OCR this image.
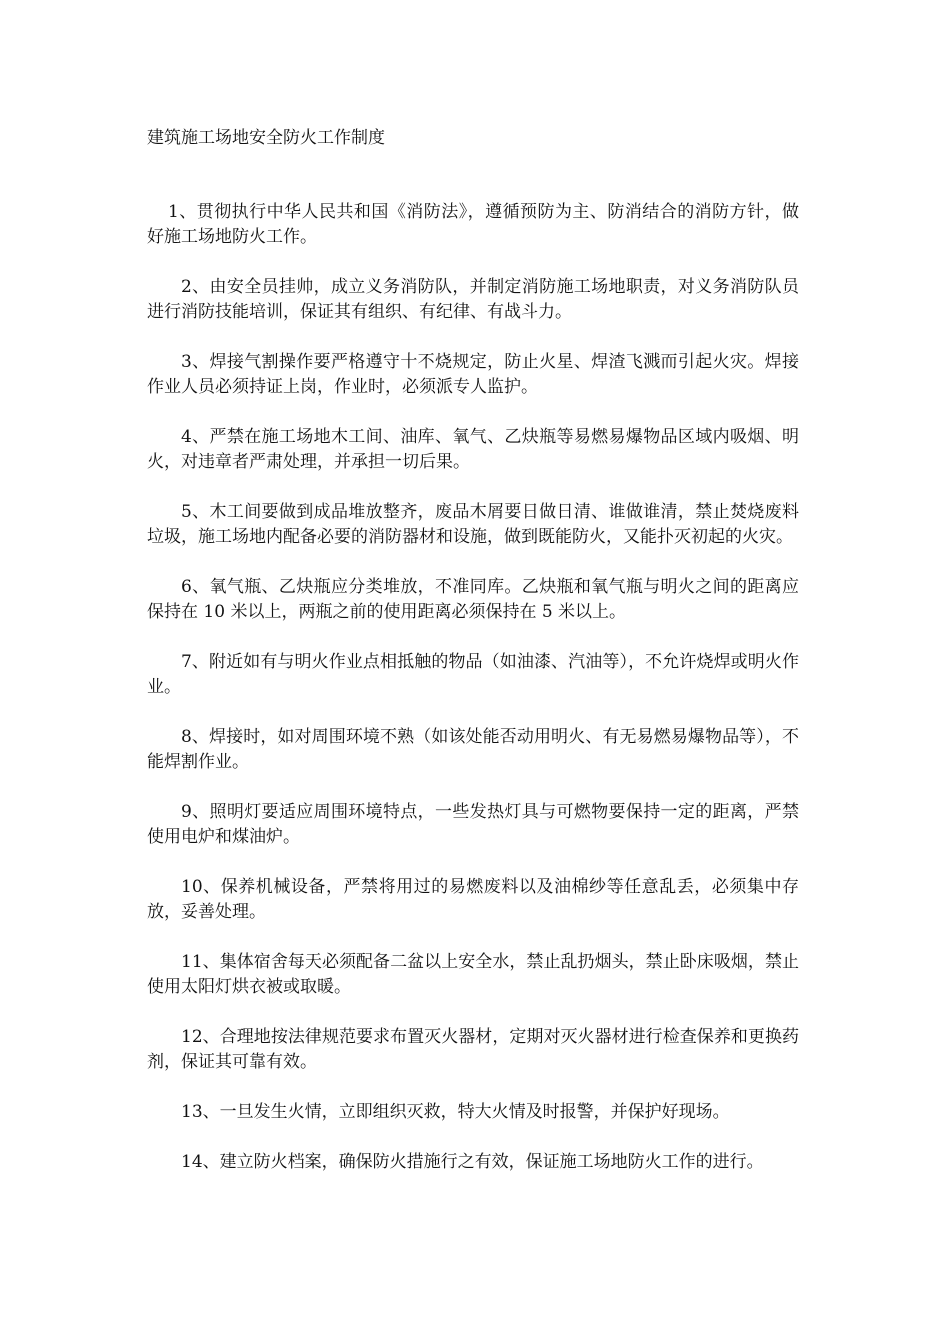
建筑施工场地安全防火工作制度

1、贯彻执行中华人民共和国《消防法》，遵循预防为主、防消结合的消防方针，做好施工场地防火工作。

2、由安全员挂帅，成立义务消防队，并制定消防施工场地职责，对义务消防队员进行消防技能培训，保证其有组织、有纪律、有战斗力。

3、焊接气割操作要严格遵守十不烧规定，防止火星、焊渣飞溅而引起火灾。焊接作业人员必须持证上岗，作业时，必须派专人监护。

4、严禁在施工场地木工间、油库、氧气、乙炔瓶等易燃易爆物品区域内吸烟、明火，对违章者严肃处理，并承担一切后果。

5、木工间要做到成品堆放整齐，废品木屑要日做日清、谁做谁清，禁止焚烧废料垃圾，施工场地内配备必要的消防器材和设施，做到既能防火，又能扑灭初起的火灾。

6、氧气瓶、乙炔瓶应分类堆放，不准同库。乙炔瓶和氧气瓶与明火之间的距离应保持在 10 米以上，两瓶之前的使用距离必须保持在 5 米以上。

7、附近如有与明火作业点相抵触的物品（如油漆、汽油等），不允许烧焊或明火作业。

8、焊接时，如对周围环境不熟（如该处能否动用明火、有无易燃易爆物品等），不能焊割作业。

9、照明灯要适应周围环境特点，一些发热灯具与可燃物要保持一定的距离，严禁使用电炉和煤油炉。

10、保养机械设备，严禁将用过的易燃废料以及油棉纱等任意乱丢，必须集中存放，妥善处理。

11、集体宿舍每天必须配备二盆以上安全水，禁止乱扔烟头，禁止卧床吸烟，禁止使用太阳灯烘衣被或取暖。

12、合理地按法律规范要求布置灭火器材，定期对灭火器材进行检查保养和更换药剂，保证其可靠有效。

13、一旦发生火情，立即组织灭救，特大火情及时报警，并保护好现场。

14、建立防火档案，确保防火措施行之有效，保证施工场地防火工作的进行。
